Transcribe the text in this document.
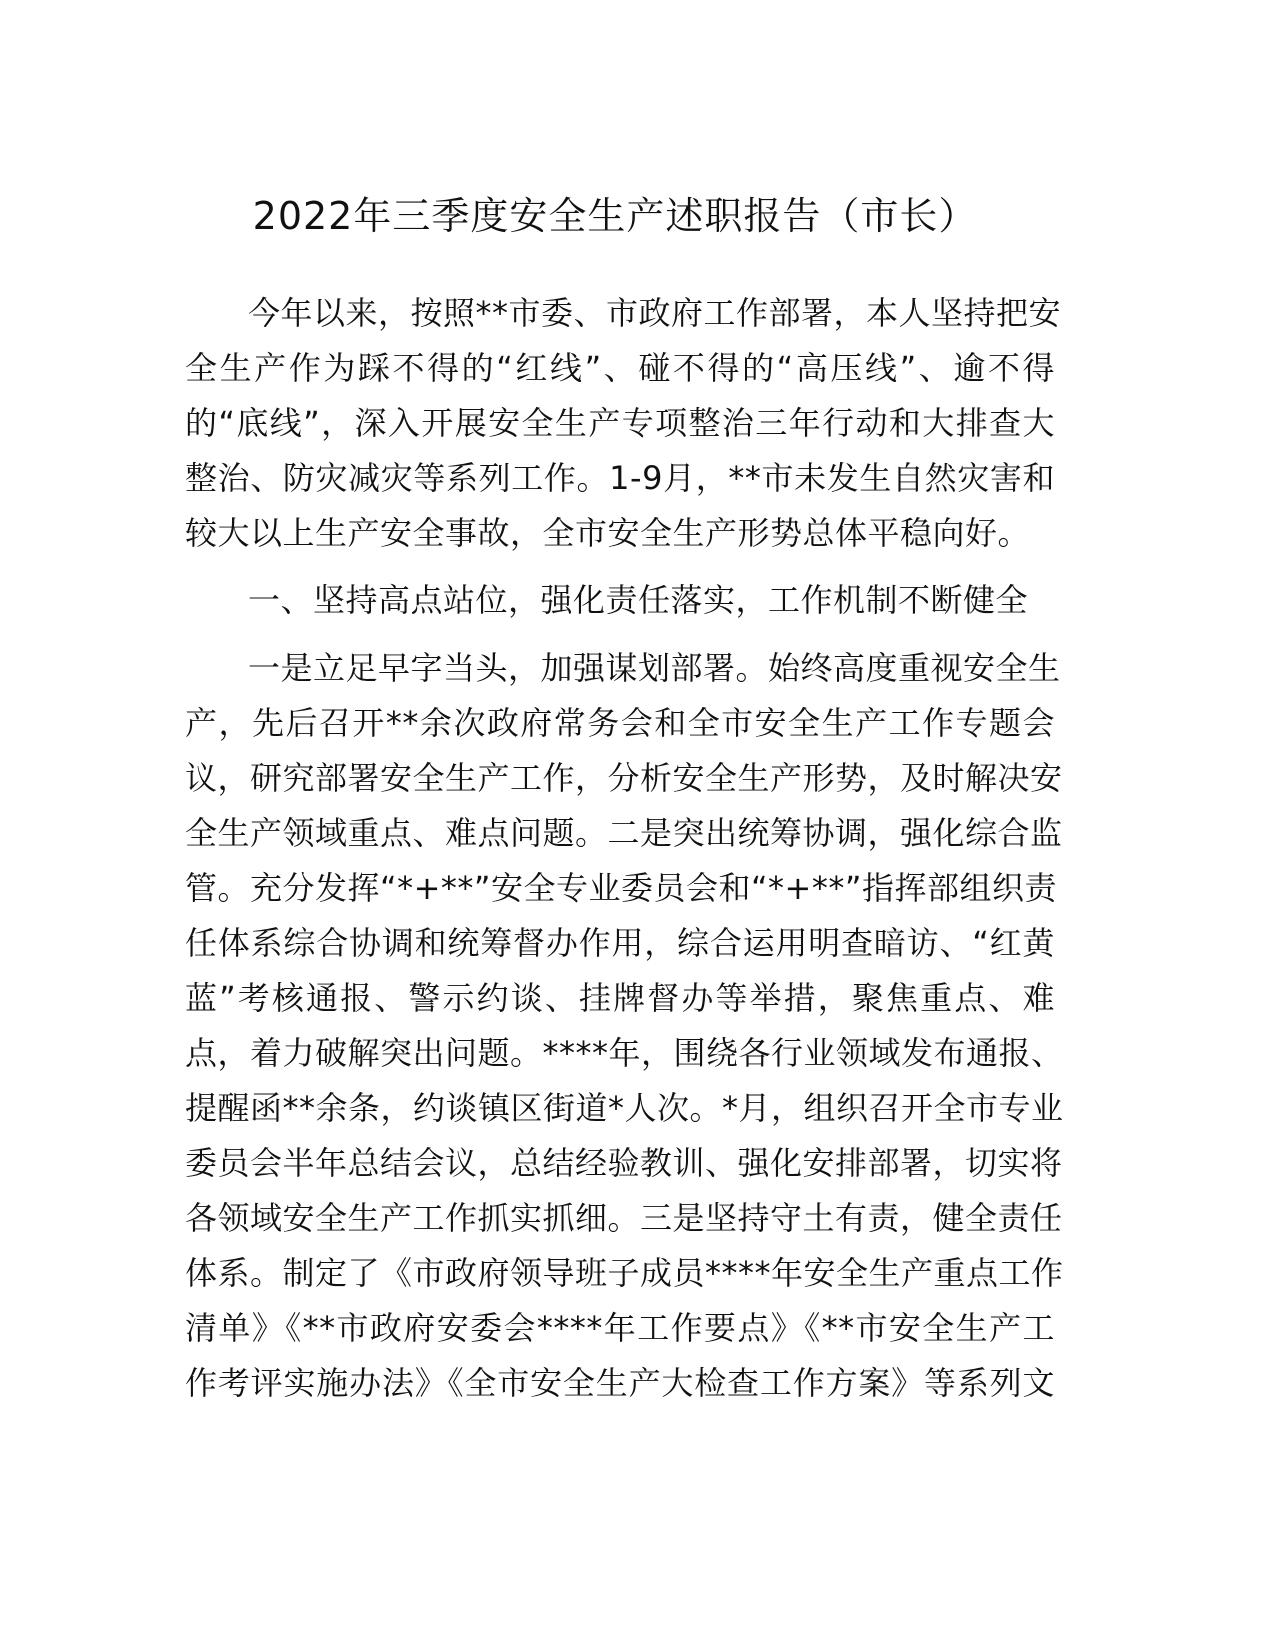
2022年三季度安全生产述职报告（市长）
今年以来，按照**市委、市政府工作部署，本人坚持把安
全生产作为踩不得的“红线”、碰不得的“高压线”、逾不得
的“底线”，深入开展安全生产专项整治三年行动和大排查大
整治、防灾减灾等系列工作。1-9月，**市未发生自然灾害和
较大以上生产安全事故，全市安全生产形势总体平稳向好。
一、坚持高点站位，强化责任落实，工作机制不断健全
一是立足早字当头，加强谋划部署。始终高度重视安全生
产，先后召开**余次政府常务会和全市安全生产工作专题会
议，研究部署安全生产工作，分析安全生产形势，及时解决安
全生产领域重点、难点问题。二是突出统筹协调，强化综合监
管。充分发挥“*+**”安全专业委员会和“*+**”指挥部组织责
任体系综合协调和统筹督办作用，综合运用明查暗访、“红黄
蓝”考核通报、警示约谈、挂牌督办等举措，聚焦重点、难
点，着力破解突出问题。****年，围绕各行业领域发布通报、
提醒函**余条，约谈镇区街道*人次。*月，组织召开全市专业
委员会半年总结会议，总结经验教训、强化安排部署，切实将
各领域安全生产工作抓实抓细。三是坚持守土有责，健全责任
体系。制定了《市政府领导班子成员****年安全生产重点工作
清单》《**市政府安委会****年工作要点》《**市安全生产工
作考评实施办法》《全市安全生产大检查工作方案》等系列文
